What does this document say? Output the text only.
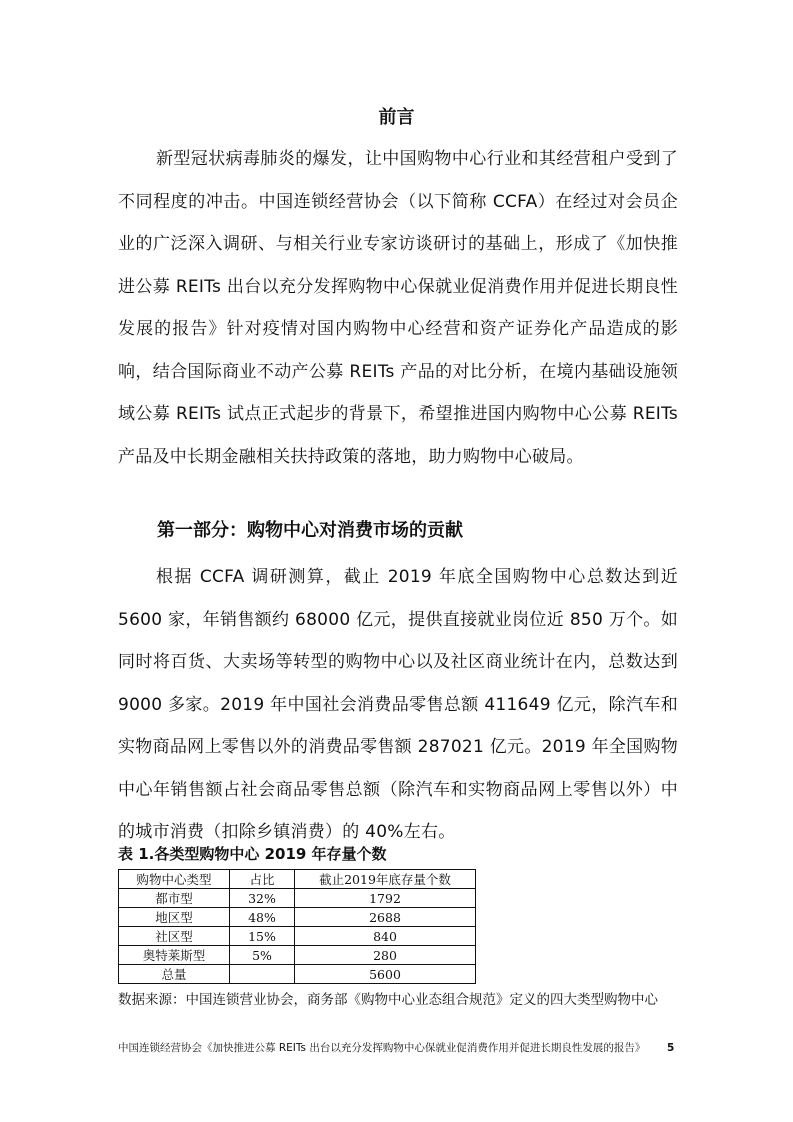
前言

新型冠状病毒肺炎的爆发，让中国购物中心行业和其经营租户受到了不同程度的冲击。中国连锁经营协会（以下简称 CCFA）在经过对会员企业的广泛深入调研、与相关行业专家访谈研讨的基础上，形成了《加快推进公募 REITs 出台以充分发挥购物中心保就业促消费作用并促进长期良性发展的报告》针对疫情对国内购物中心经营和资产证券化产品造成的影响，结合国际商业不动产公募 REITs 产品的对比分析，在境内基础设施领域公募 REITs 试点正式起步的背景下，希望推进国内购物中心公募 REITs 产品及中长期金融相关扶持政策的落地，助力购物中心破局。

第一部分：购物中心对消费市场的贡献

根据 CCFA 调研测算，截止 2019 年底全国购物中心总数达到近 5600 家，年销售额约 68000 亿元，提供直接就业岗位近 850 万个。如同时将百货、大卖场等转型的购物中心以及社区商业统计在内，总数达到 9000 多家。2019 年中国社会消费品零售总额 411649 亿元，除汽车和实物商品网上零售以外的消费品零售额 287021 亿元。2019 年全国购物中心年销售额占社会商品零售总额（除汽车和实物商品网上零售以外）中的城市消费（扣除乡镇消费）的 40%左右。

表 1.各类型购物中心 2019 年存量个数
购物中心类型	占比	截止2019年底存量个数
都市型	32%	1792
地区型	48%	2688
社区型	15%	840
奥特莱斯型	5%	280
总量		5600
数据来源：中国连锁营业协会，商务部《购物中心业态组合规范》定义的四大类型购物中心
中国连锁经营协会《加快推进公募 REITs 出台以充分发挥购物中心保就业促消费作用并促进长期良性发展的报告》	5
